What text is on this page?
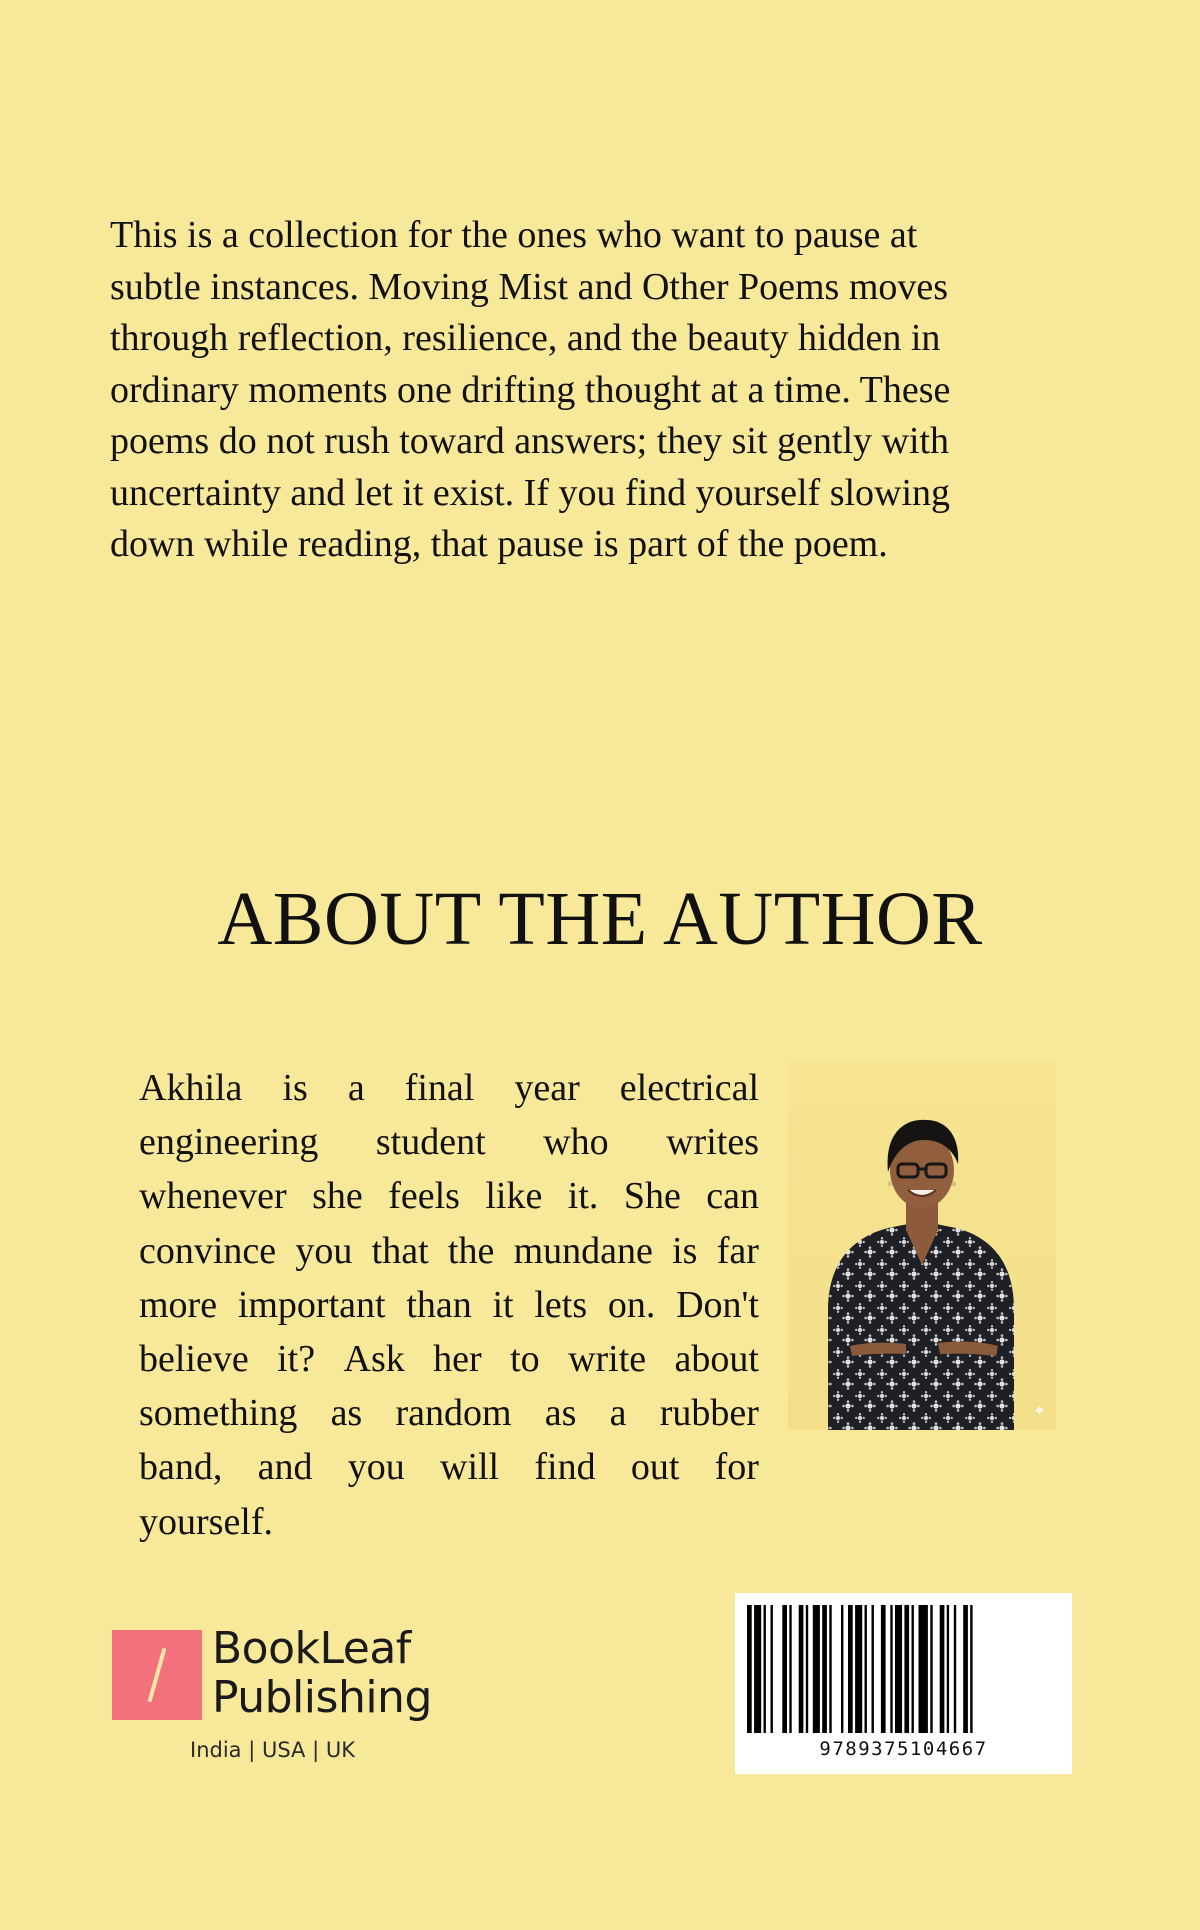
This is a collection for the ones who want to pause at
subtle instances. Moving Mist and Other Poems moves
through reflection, resilience, and the beauty hidden in
ordinary moments one drifting thought at a time. These
poems do not rush toward answers; they sit gently with
uncertainty and let it exist. If you find yourself slowing
down while reading, that pause is part of the poem.
ABOUT THE AUTHOR
Akhila is a final year electrical
engineering student who writes
whenever she feels like it. She can
convince you that the mundane is far
more important than it lets on. Don't
believe it? Ask her to write about
something as random as a rubber
band, and you will find out for
yourself.
✦
BookLeaf
Publishing
India | USA | UK	9789375104667
